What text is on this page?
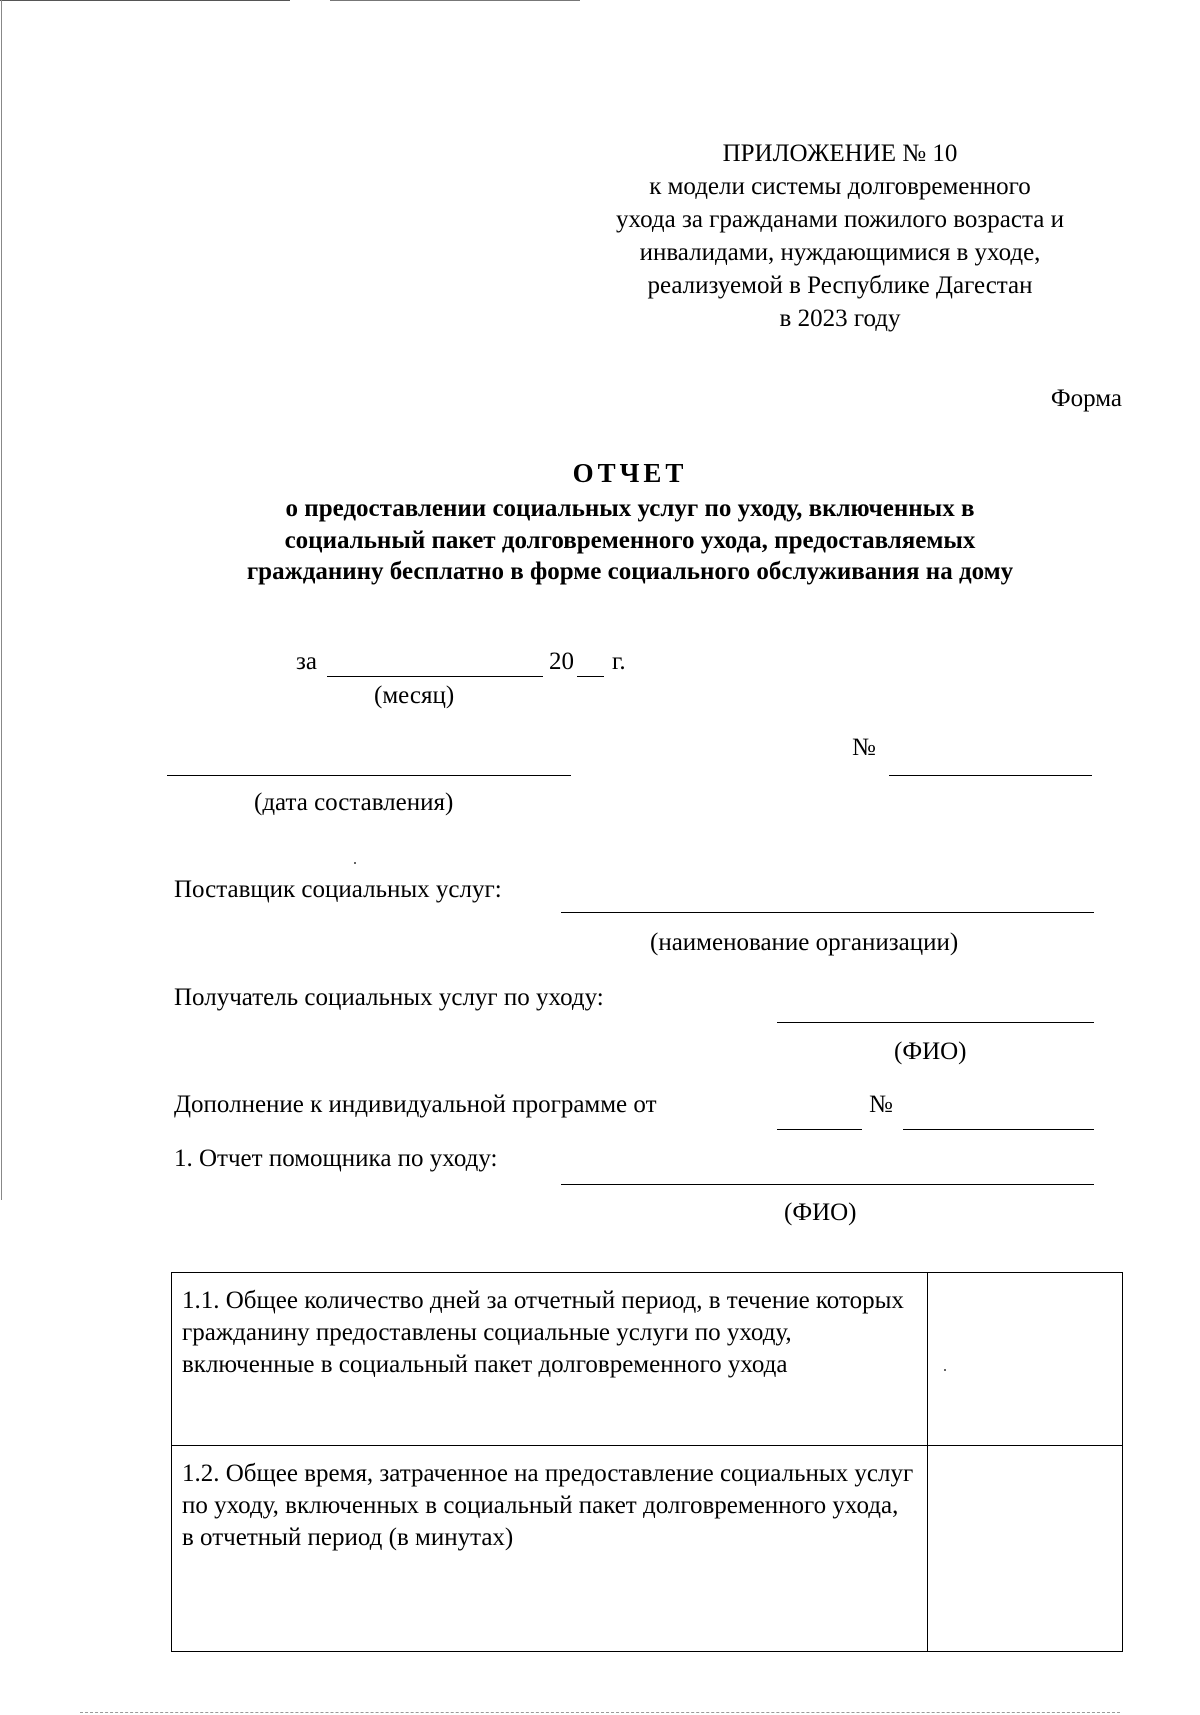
ПРИЛОЖЕНИЕ № 10
к модели системы долговременного
ухода за гражданами пожилого возраста и
инвалидами, нуждающимися в уходе,
реализуемой в Республике Дагестан
в 2023 году
Форма
ОТЧЕТ
о предоставлении социальных услуг по уходу, включенных в
социальный пакет долговременного ухода, предоставляемых
гражданину бесплатно в форме социального обслуживания на дому
за	20 г.
(месяц)
(дата составления)
№
Поставщик социальных услуг:
(наименование организации)
Получатель социальных услуг по уходу:
(ФИО)
Дополнение к индивидуальной программе от	№
1. Отчет помощника по уходу:
(ФИО)
1.1. Общее количество дней за отчетный период, в течение которых гражданину предоставлены социальные услуги по уходу, включенные в социальный пакет долговременного ухода	
1.2. Общее время, затраченное на предоставление социальных услуг по уходу, включенных в социальный пакет долговременного ухода, в отчетный период (в минутах)	
